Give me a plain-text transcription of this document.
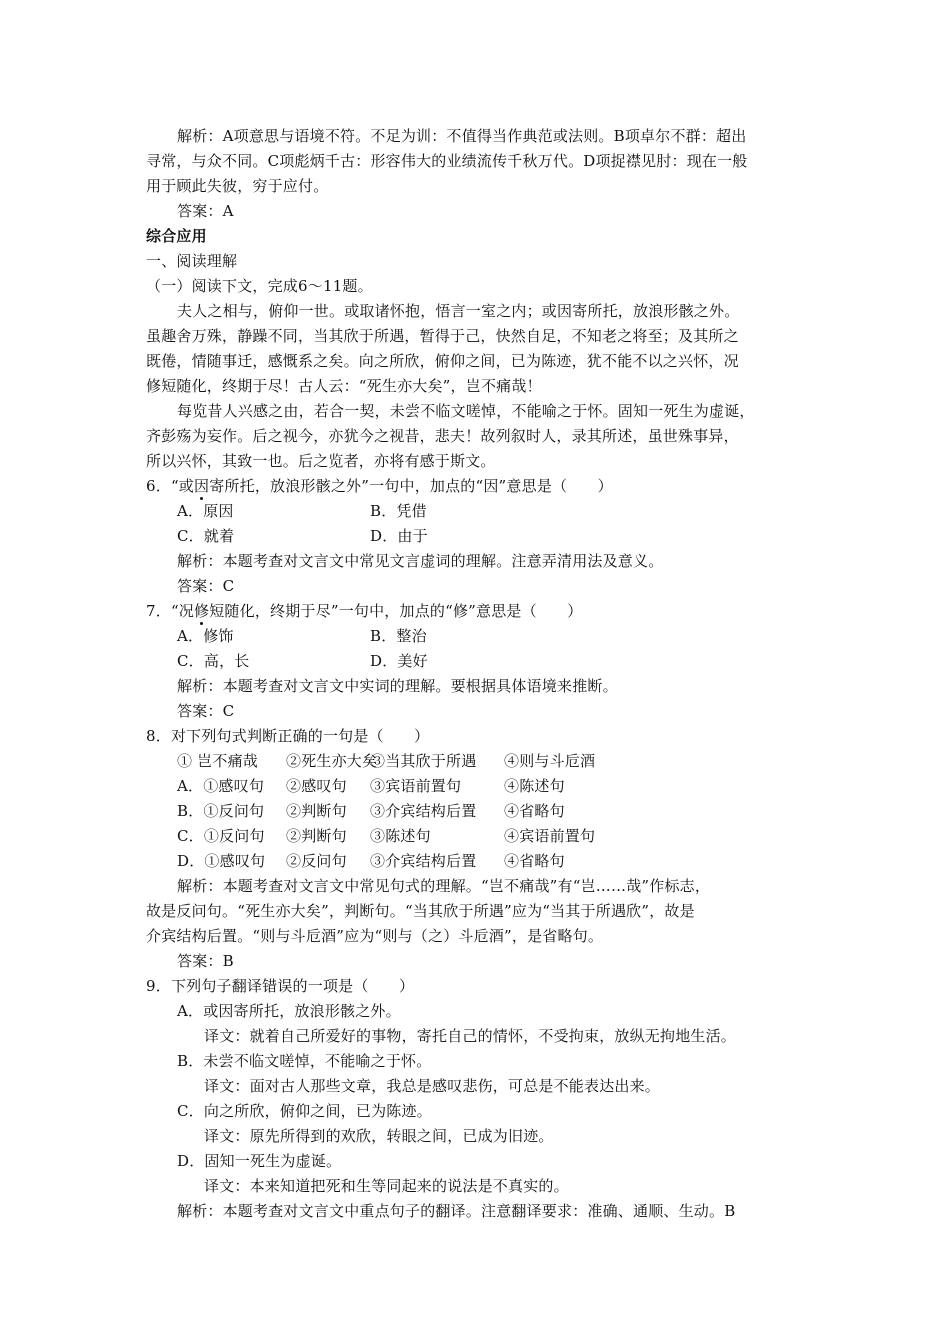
解析：A项意思与语境不符。不足为训：不值得当作典范或法则。B项卓尔不群：超出
寻常，与众不同。C项彪炳千古：形容伟大的业绩流传千秋万代。D项捉襟见肘：现在一般
用于顾此失彼，穷于应付。
答案：A
综合应用
一、阅读理解
（一）阅读下文，完成6～11题。
夫人之相与，俯仰一世。或取诸怀抱，悟言一室之内；或因寄所托，放浪形骸之外。
虽趣舍万殊，静躁不同，当其欣于所遇，暂得于己，快然自足，不知老之将至；及其所之
既倦，情随事迁，感慨系之矣。向之所欣，俯仰之间，已为陈迹，犹不能不以之兴怀，况
修短随化，终期于尽！古人云：“死生亦大矣”，岂不痛哉！
每览昔人兴感之由，若合一契，未尝不临文嗟悼，不能喻之于怀。固知一死生为虚诞，
齐彭殇为妄作。后之视今，亦犹今之视昔，悲夫！故列叙时人，录其所述，虽世殊事异，
所以兴怀，其致一也。后之览者，亦将有感于斯文。
6．“或因寄所托，放浪形骸之外”一句中，加点的“因”意思是（　　）
A．原因	B．凭借
C．就着	D．由于
解析：本题考查对文言文中常见文言虚词的理解。注意弄清用法及意义。
答案：C
7．“况修短随化，终期于尽”一句中，加点的“修”意思是（　　）
A．修饰	B．整治
C．高，长	D．美好
解析：本题考查对文言文中实词的理解。要根据具体语境来推断。
答案：C
8．对下列句式判断正确的一句是（　　）
① 岂不痛哉 ②死生亦大矣
③当其欣于所遇 ④则与斗卮酒
A．①感叹句 ②感叹句 ③宾语前置句	④陈述句
B．①反问句 ②判断句 ③介宾结构后置 ④省略句
C．①反问句 ②判断句 ③陈述句	④宾语前置句
D．①感叹句 ②反问句 ③介宾结构后置 ④省略句
解析：本题考查对文言文中常见句式的理解。“岂不痛哉”有“岂……哉”作标志，
故是反问句。“死生亦大矣”，判断句。“当其欣于所遇”应为“当其于所遇欣”，故是
介宾结构后置。“则与斗卮酒”应为“则与（之）斗卮酒”，是省略句。
答案：B
9．下列句子翻译错误的一项是（　　）
A．或因寄所托，放浪形骸之外。
译文：就着自己所爱好的事物，寄托自己的情怀，不受拘束，放纵无拘地生活。
B．未尝不临文嗟悼，不能喻之于怀。
译文：面对古人那些文章，我总是感叹悲伤，可总是不能表达出来。
C．向之所欣，俯仰之间，已为陈迹。
译文：原先所得到的欢欣，转眼之间，已成为旧迹。
D．固知一死生为虚诞。
译文：本来知道把死和生等同起来的说法是不真实的。
解析：本题考查对文言文中重点句子的翻译。注意翻译要求：准确、通顺、生动。B
